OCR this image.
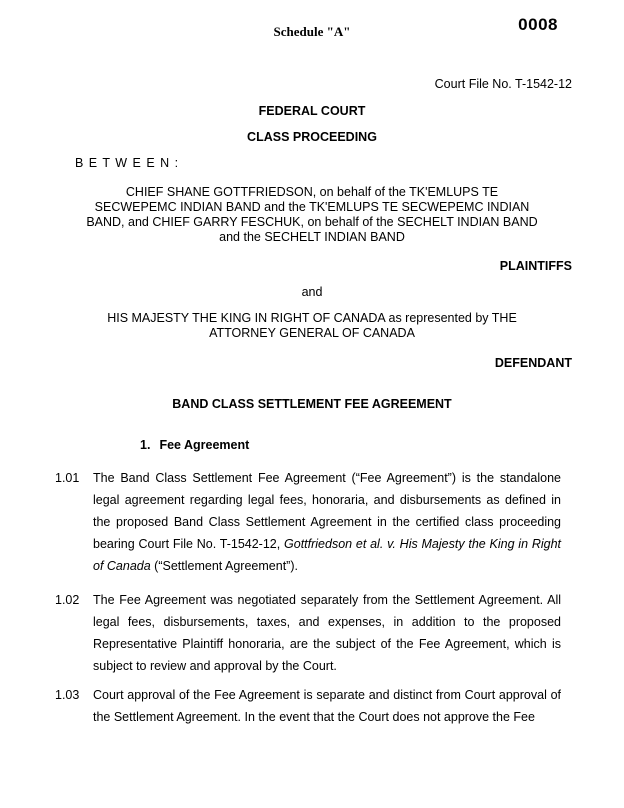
Schedule "A"	0008
Court File No. T-1542-12
FEDERAL COURT
CLASS PROCEEDING
B E T W E E N :
CHIEF SHANE GOTTFRIEDSON, on behalf of the TK'EMLUPS TE SECWEPEMC INDIAN BAND and the TK'EMLUPS TE SECWEPEMC INDIAN BAND, and CHIEF GARRY FESCHUK, on behalf of the SECHELT INDIAN BAND and the SECHELT INDIAN BAND
PLAINTIFFS
and
HIS MAJESTY THE KING IN RIGHT OF CANADA as represented by THE ATTORNEY GENERAL OF CANADA
DEFENDANT
BAND CLASS SETTLEMENT FEE AGREEMENT
1. Fee Agreement
1.01 The Band Class Settlement Fee Agreement (“Fee Agreement”) is the standalone legal agreement regarding legal fees, honoraria, and disbursements as defined in the proposed Band Class Settlement Agreement in the certified class proceeding bearing Court File No. T-1542-12, Gottfriedson et al. v. His Majesty the King in Right of Canada (“Settlement Agreement”).
1.02 The Fee Agreement was negotiated separately from the Settlement Agreement. All legal fees, disbursements, taxes, and expenses, in addition to the proposed Representative Plaintiff honoraria, are the subject of the Fee Agreement, which is subject to review and approval by the Court.
1.03 Court approval of the Fee Agreement is separate and distinct from Court approval of the Settlement Agreement. In the event that the Court does not approve the Fee
